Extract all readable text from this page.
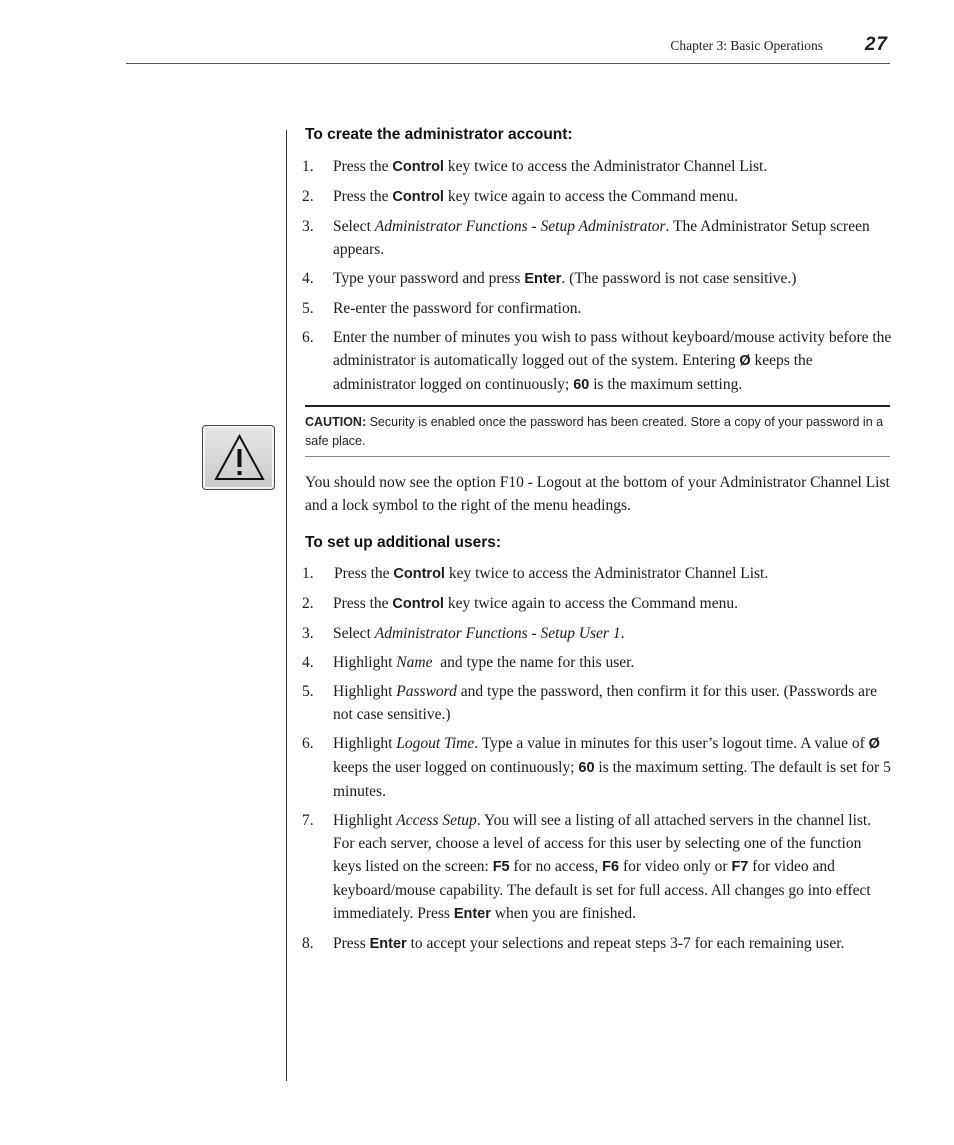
Chapter 3: Basic Operations 27
To create the administrator account:
1. Press the Control key twice to access the Administrator Channel List.
2. Press the Control key twice again to access the Command menu.
3. Select Administrator Functions - Setup Administrator. The Administrator Setup screen appears.
4. Type your password and press Enter. (The password is not case sensitive.)
5. Re-enter the password for confirmation.
6. Enter the number of minutes you wish to pass without keyboard/mouse activity before the administrator is automatically logged out of the system. Entering Ø keeps the administrator logged on continuously; 60 is the maximum setting.
CAUTION: Security is enabled once the password has been created. Store a copy of your password in a safe place.

You should now see the option F10 - Logout at the bottom of your Administrator Channel List and a lock symbol to the right of the menu headings.

To set up additional users:
1. Press the Control key twice to access the Administrator Channel List.
2. Press the Control key twice again to access the Command menu.
3. Select Administrator Functions - Setup User 1.
4. Highlight Name  and type the name for this user.
5. Highlight Password and type the password, then confirm it for this user. (Passwords are not case sensitive.)
6. Highlight Logout Time. Type a value in minutes for this user’s logout time. A value of Ø keeps the user logged on continuously; 60 is the maximum setting. The default is set for 5 minutes.
7. Highlight Access Setup. You will see a listing of all attached servers in the channel list. For each server, choose a level of access for this user by selecting one of the function keys listed on the screen: F5 for no access, F6 for video only or F7 for video and keyboard/mouse capability. The default is set for full access. All changes go into effect immediately. Press Enter when you are finished.
8. Press Enter to accept your selections and repeat steps 3-7 for each remaining user.
